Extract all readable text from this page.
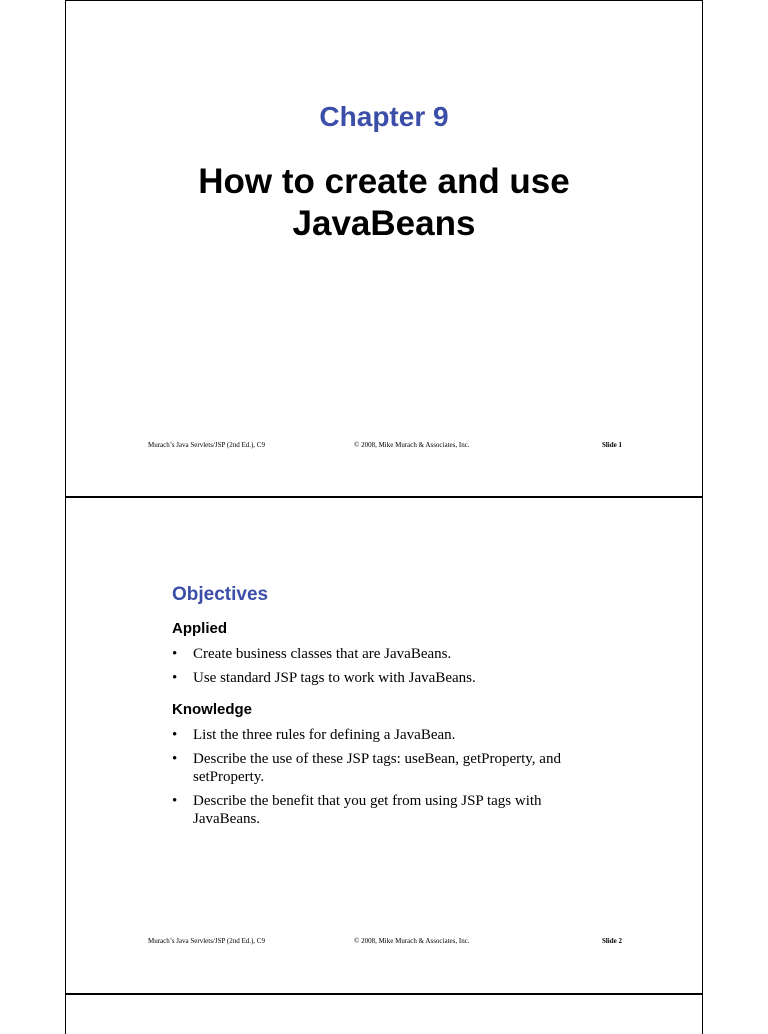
Chapter 9
How to create and use
JavaBeans
Murach’s Java Servlets/JSP (2nd Ed.), C9	© 2008, Mike Murach & Associates, Inc.	Slide 1
Objectives
Applied
• Create business classes that are JavaBeans.
• Use standard JSP tags to work with JavaBeans.
Knowledge
• List the three rules for defining a JavaBean.
• Describe the use of these JSP tags: useBean, getProperty, and setProperty.
• Describe the benefit that you get from using JSP tags with JavaBeans.
Murach’s Java Servlets/JSP (2nd Ed.), C9	© 2008, Mike Murach & Associates, Inc.	Slide 2
